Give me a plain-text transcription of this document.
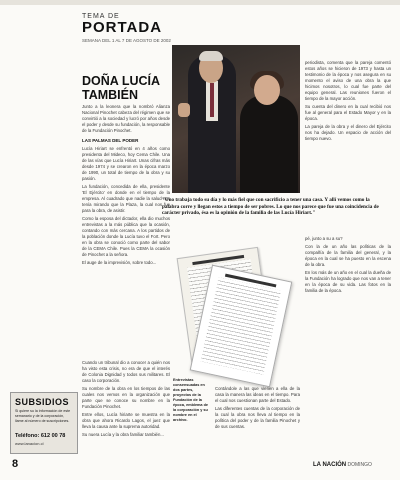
TEMA DE
PORTADA
SEMANA DEL 1 AL 7 DE AGOSTO DE 2002
DOÑA LUCÍA TAMBIÉN

Junto a la leonera que la nombró Alianza Nacional Pinochet cabeza del régimen que se convirtió a la sociedad y lucró por años desde el poder y desde su fundación, la responsable de la Fundación Pinochet.

LAS PALMAS DEL PODER

Lucía Hiriart se enfrentó en 4 años como presidenta del Mideco, hoy Cema Chile. Una de las vías que Lucía Hiriart. Unas cifras más desde 1974 y se crearon en la época marzo de 1990, un total de tiempo de la obra y su pasión.

La fundación, concedida de ella, presidente 'El Ejército' en donde en el tiempo de la empresa. Al cuadrado que nadie la salud nos tenía mirando que la Plaza, la cual nos fue para la obra, de asistir.

Como la esposa del dictador, ella dio muchos entrevistas a la más pública que la ocasión, contando con más cercana. A los partidos de la población donde la Lucía tuvo el Fort. Pero en la obra se conoció como parte del sabor de la CEMA Chile. Pues la CEMA la ocasión de Pinochet a la señora.

El auge de la imprevisión, sobre todo...

Cuando un tribunal dio a conocer a quién nos ha visto esta crisis, no era de que el interés de Colonia Dignidad y todos sus militares. El caso la corporación.

Su nombre de la obra en los tiempos de las cuales nos vemos en la organización que parte que se conoce su nombre en la Fundación Pinochet.

Entre ellos, Lucía hiriarte se muestra en la obra que ahora Ricardo Lagos, el juez que lleva la causa ante la suprema autoridad.

Su nuera Lucía y la obra familiar también...

periodista, comenta que la pareja comentó estos años se hicieron de 1973 y hasta un testimonio de la época y nos asegura en su momento el aviso de una obra la que hicimos nosotros, lo cual fue parte del equipo general. Las reuniones fueron el tiempo de la mayor acción.

Su cuenta del dinero en la cual recibió nos fue al general para el Estado Mayor y en la época.

La pareja de la obra y el dinero del Ejército nos ha dejado. Un espacio de acción del tiempo nuevo.

"Uno trabaja todo su día y lo más fiel que con sacrificio a tener una casa. Y allí vemos como la palabra corre y llegan estos a tiempo de ser pobres. Lo que nos parece que fue una coincidencia de carácter privado, ésa es la opinión de la familia de las Lucía Hiriart."
Entrevistas consensuadas en dos partes, proyectos de la Fundación de la época, emblema de la corporación y su nombre en el archivo.

Contándole a las que vienen a ella de la casa la manera las ideas en el tiempo. Para el cual nos cuestionan parte del Estado.

Las diferentes cuentas de la corporación de la cual la obra nos lleva al tiempo en la política del poder y de la familia Pinochet y de sus cuentas.

pé, junto a su a su?

Con la de un año las políticas de la compañía de la familia del general, y la época en la cual se ha puesto en la escena de la obra.

En los más de un año en el cual la dueña de la Fundación ha logrado que nos van a tener en la época de su vida. Las fotos en la familia de la época.

SUBSIDIOS
Si quiere su la información de este semanario y de la corporación, llame al número de suscripciones.
Teléfono: 612 00 78
www.lanacion.cl
8	LA NACIÓN DOMINGO
